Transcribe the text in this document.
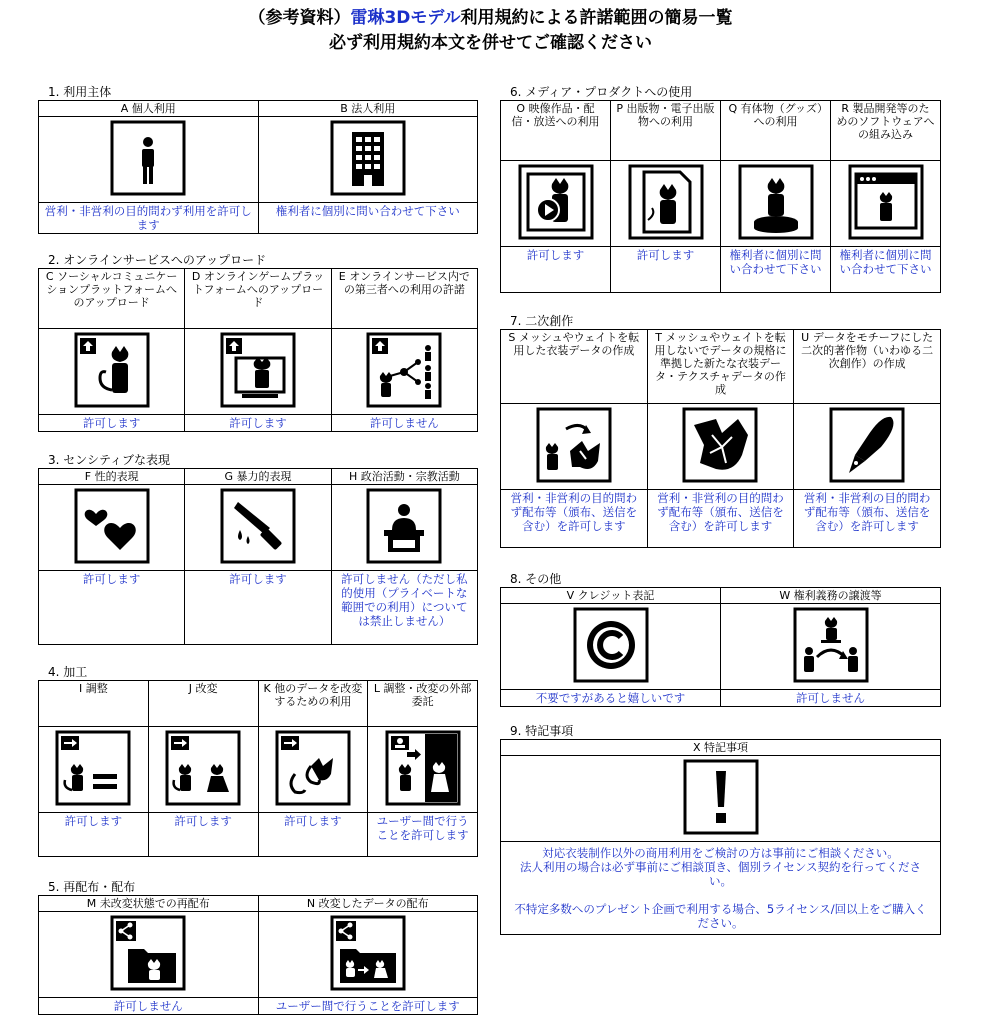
（参考資料）雷琳3Dモデル利用規約による許諾範囲の簡易一覧
必ず利用規約本文を併せてご確認ください
1. 利用主体
A 個人利用	B 法人利用

営利・非営利の目的問わず利用を許可します	権利者に個別に問い合わせて下さい
2. オンラインサービスへのアップロード
C ソーシャルコミュニケーションプラットフォームへのアップロード	D オンラインゲームプラットフォームへのアップロード	E オンラインサービス内での第三者への利用の許諾

許可します	許可します	許可しません
3. センシティブな表現
F 性的表現	G 暴力的表現	H 政治活動・宗教活動

許可します	許可します	許可しません（ただし私的使用（プライベートな範囲での利用）については禁止しません）
4. 加工
I 調整	J 改変	K 他のデータを改変するための利用	L 調整・改変の外部委託

許可します	許可します	許可します	ユーザー間で行うことを許可します
5. 再配布・配布
M 未改変状態での再配布	N 改変したデータの配布

許可しません	ユーザー間で行うことを許可します
6. メディア・プロダクトへの使用
O 映像作品・配信・放送への利用	P 出版物・電子出版物への利用	Q 有体物（グッズ）への利用	R 製品開発等のためのソフトウェアへの組み込み

許可します	許可します	権利者に個別に問い合わせて下さい	権利者に個別に問い合わせて下さい
7. 二次創作
S メッシュやウェイトを転用した衣装データの作成	T メッシュやウェイトを転用しないでデータの規格に準拠した新たな衣装データ・テクスチャデータの作成	U データをモチーフにした二次的著作物（いわゆる二次創作）の作成

営利・非営利の目的問わず配布等（頒布、送信を含む）を許可します	営利・非営利の目的問わず配布等（頒布、送信を含む）を許可します	営利・非営利の目的問わず配布等（頒布、送信を含む）を許可します
8. その他
V クレジット表記	W 権利義務の譲渡等

不要ですがあると嬉しいです	許可しません
9. 特記事項
X 特記事項

対応衣装制作以外の商用利用をご検討の方は事前にご相談ください。
法人利用の場合は必ず事前にご相談頂き、個別ライセンス契約を行ってください。
不特定多数へのプレゼント企画で利用する場合、5ライセンス/回以上をご購入ください。
